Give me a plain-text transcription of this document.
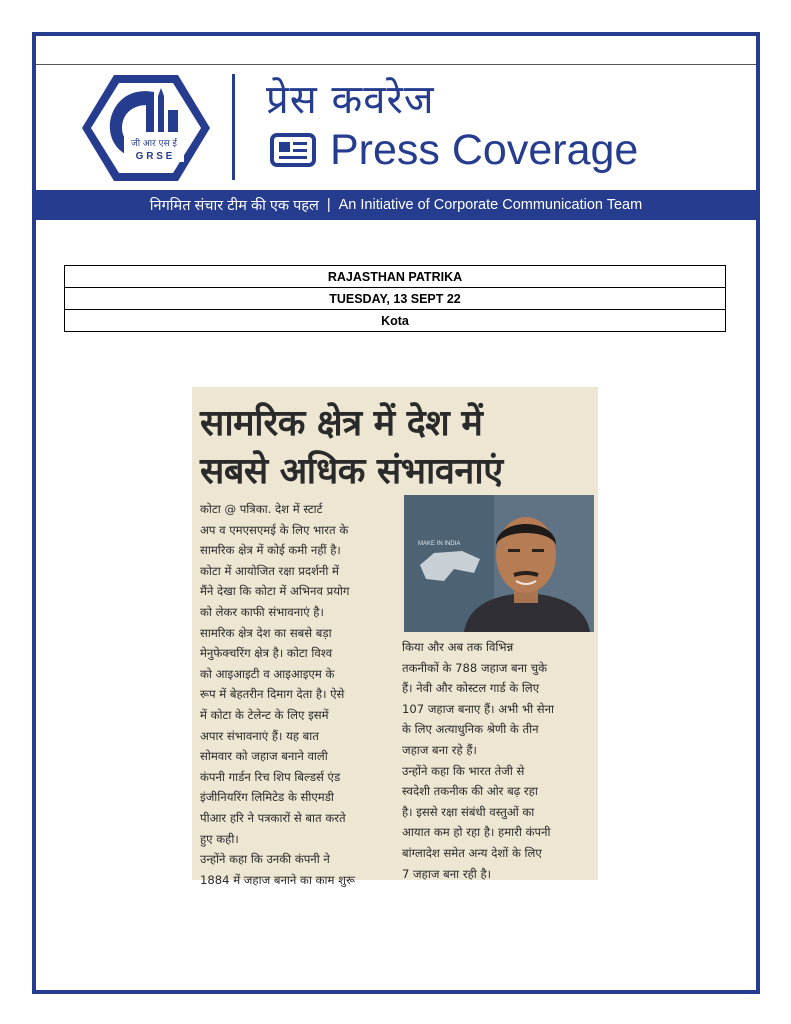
जी आर एस ई
G R S E
प्रेस कवरेज
Press Coverage
निगमित संचार टीम की एक पहल | An Initiative of Corporate Communication Team
RAJASTHAN PATRIKA
TUESDAY, 13 SEPT 22
Kota
सामरिक क्षेत्र में देश में
सबसे अधिक संभावनाएं
MAKE IN INDIA

कोटा @ पत्रिका. देश में स्टार्ट

अप व एमएसएमई के लिए भारत के

सामरिक क्षेत्र में कोई कमी नहीं है।

कोटा में आयोजित रक्षा प्रदर्शनी में

मैंने देखा कि कोटा में अभिनव प्रयोग

को लेकर काफी संभावनाएं है।

सामरिक क्षेत्र देश का सबसे बड़ा

मेनुफेक्चरिंग क्षेत्र है। कोटा विश्व

को आइआइटी व आइआइएम के

रूप में बेहतरीन दिमाग देता है। ऐसे

में कोटा के टेलेन्ट के लिए इसमें

अपार संभावनाएं हैं। यह बात

सोमवार को जहाज बनाने वाली

कंपनी गार्डन रिच शिप बिल्डर्स एंड

इंजीनियरिंग लिमिटेड के सीएमडी

पीआर हरि ने पत्रकारों से बात करते

हुए कही।

उन्होंने कहा कि उनकी कंपनी ने

1884 में जहाज बनाने का काम शुरू

किया और अब तक विभिन्न

तकनीकों के 788 जहाज बना चुके

हैं। नेवी और कोस्टल गार्ड के लिए

107 जहाज बनाए हैं। अभी भी सेना

के लिए अत्याधुनिक श्रेणी के तीन

जहाज बना रहे हैं।

उन्होंने कहा कि भारत तेजी से

स्वदेशी तकनीक की ओर बढ़ रहा

है। इससे रक्षा संबंधी वस्तुओं का

आयात कम हो रहा है। हमारी कंपनी

बांग्लादेश समेत अन्य देशों के लिए

7 जहाज बना रही है।
